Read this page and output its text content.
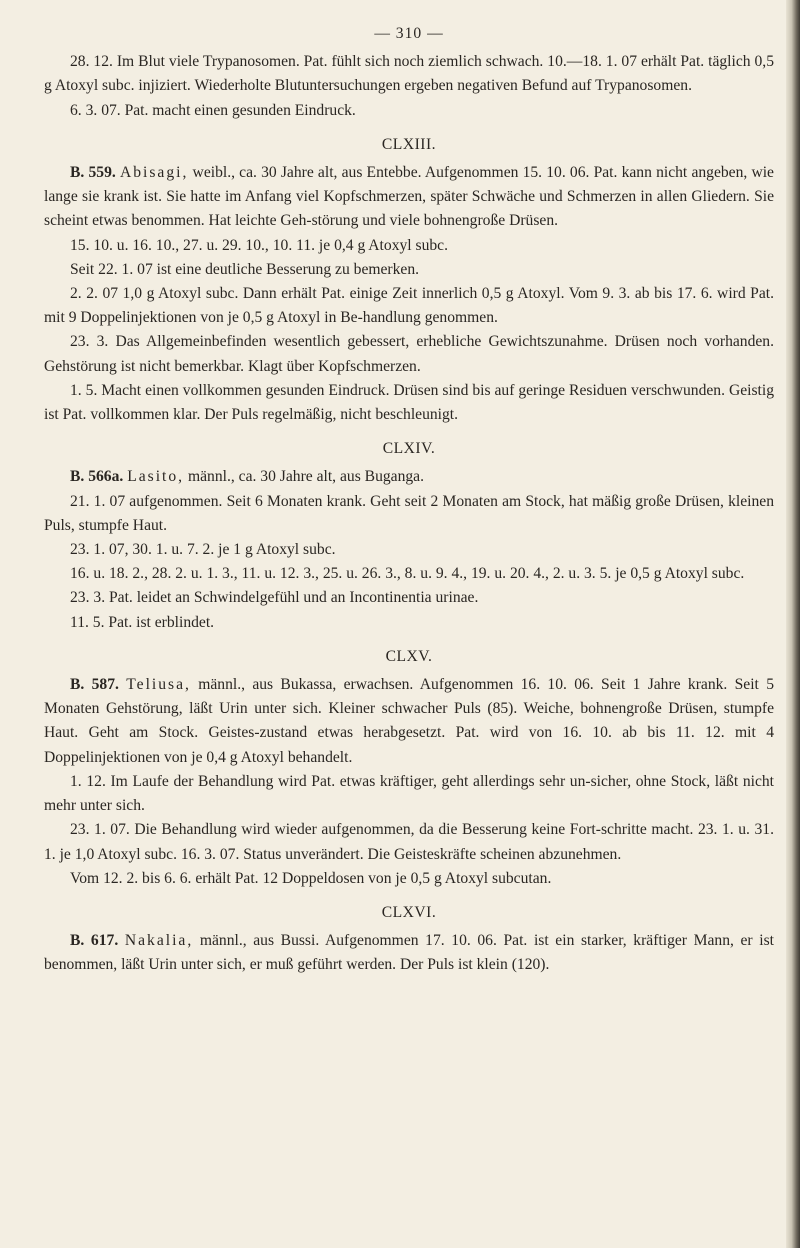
— 310 —

28. 12. Im Blut viele Trypanosomen. Pat. fühlt sich noch ziemlich schwach. 10.—18. 1. 07 erhält Pat. täglich 0,5 g Atoxyl subc. injiziert. Wiederholte Blutuntersuchungen ergeben negativen Befund auf Trypanosomen.

6. 3. 07. Pat. macht einen gesunden Eindruck.

CLXIII.

B. 559. Abisagi, weibl., ca. 30 Jahre alt, aus Entebbe. Aufgenommen 15. 10. 06. Pat. kann nicht angeben, wie lange sie krank ist. Sie hatte im Anfang viel Kopfschmerzen, später Schwäche und Schmerzen in allen Gliedern. Sie scheint etwas benommen. Hat leichte Geh-störung und viele bohnengroße Drüsen.

15. 10. u. 16. 10., 27. u. 29. 10., 10. 11. je 0,4 g Atoxyl subc.

Seit 22. 1. 07 ist eine deutliche Besserung zu bemerken.

2. 2. 07 1,0 g Atoxyl subc. Dann erhält Pat. einige Zeit innerlich 0,5 g Atoxyl. Vom 9. 3. ab bis 17. 6. wird Pat. mit 9 Doppelinjektionen von je 0,5 g Atoxyl in Be-handlung genommen.

23. 3. Das Allgemeinbefinden wesentlich gebessert, erhebliche Gewichtszunahme. Drüsen noch vorhanden. Gehstörung ist nicht bemerkbar. Klagt über Kopfschmerzen.

1. 5. Macht einen vollkommen gesunden Eindruck. Drüsen sind bis auf geringe Residuen verschwunden. Geistig ist Pat. vollkommen klar. Der Puls regelmäßig, nicht beschleunigt.

CLXIV.

B. 566a. Lasito, männl., ca. 30 Jahre alt, aus Buganga.

21. 1. 07 aufgenommen. Seit 6 Monaten krank. Geht seit 2 Monaten am Stock, hat mäßig große Drüsen, kleinen Puls, stumpfe Haut.

23. 1. 07, 30. 1. u. 7. 2. je 1 g Atoxyl subc.

16. u. 18. 2., 28. 2. u. 1. 3., 11. u. 12. 3., 25. u. 26. 3., 8. u. 9. 4., 19. u. 20. 4., 2. u. 3. 5. je 0,5 g Atoxyl subc.

23. 3. Pat. leidet an Schwindelgefühl und an Incontinentia urinae.

11. 5. Pat. ist erblindet.

CLXV.

B. 587. Teliusa, männl., aus Bukassa, erwachsen. Aufgenommen 16. 10. 06. Seit 1 Jahre krank. Seit 5 Monaten Gehstörung, läßt Urin unter sich. Kleiner schwacher Puls (85). Weiche, bohnengroße Drüsen, stumpfe Haut. Geht am Stock. Geistes-zustand etwas herabgesetzt. Pat. wird von 16. 10. ab bis 11. 12. mit 4 Doppelinjektionen von je 0,4 g Atoxyl behandelt.

1. 12. Im Laufe der Behandlung wird Pat. etwas kräftiger, geht allerdings sehr un-sicher, ohne Stock, läßt nicht mehr unter sich.

23. 1. 07. Die Behandlung wird wieder aufgenommen, da die Besserung keine Fort-schritte macht. 23. 1. u. 31. 1. je 1,0 Atoxyl subc. 16. 3. 07. Status unverändert. Die Geisteskräfte scheinen abzunehmen.

Vom 12. 2. bis 6. 6. erhält Pat. 12 Doppeldosen von je 0,5 g Atoxyl subcutan.

CLXVI.

B. 617. Nakalia, männl., aus Bussi. Aufgenommen 17. 10. 06. Pat. ist ein starker, kräftiger Mann, er ist benommen, läßt Urin unter sich, er muß geführt werden. Der Puls ist klein (120).
